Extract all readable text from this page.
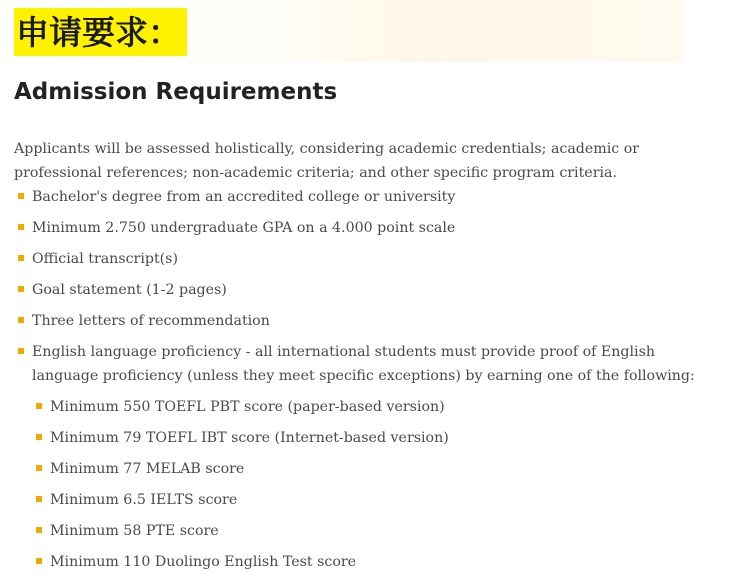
申请要求：
Admission Requirements

Applicants will be assessed holistically, considering academic credentials; academic or professional references; non-academic criteria; and other specific program criteria.

Bachelor's degree from an accredited college or university
Minimum 2.750 undergraduate GPA on a 4.000 point scale
Official transcript(s)
Goal statement (1-2 pages)
Three letters of recommendation
English language proficiency - all international students must provide proof of English language proficiency (unless they meet specific exceptions) by earning one of the following:
Minimum 550 TOEFL PBT score (paper-based version)
Minimum 79 TOEFL IBT score (Internet-based version)
Minimum 77 MELAB score
Minimum 6.5 IELTS score
Minimum 58 PTE score
Minimum 110 Duolingo English Test score
